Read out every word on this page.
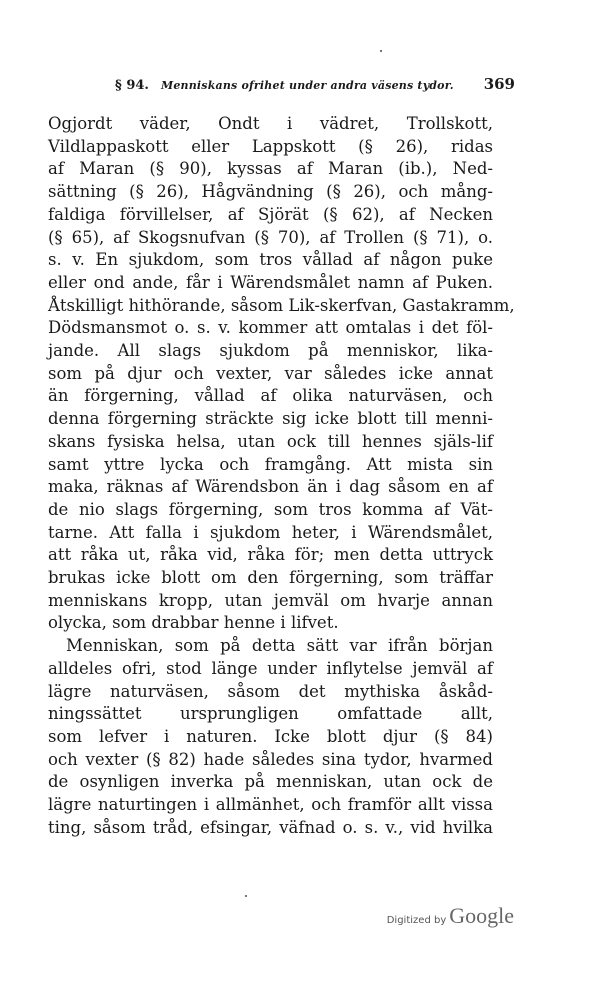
§ 94. Menniskans ofrihet under andra väsens tydor. 369
Ogjordt väder, Ondt i vädret, Trollskott,
Vildlappaskott eller Lappskott (§ 26), ridas
af Maran (§ 90), kyssas af Maran (ib.), Ned-
sättning (§ 26), Hågvändning (§ 26), och mång-
faldiga förvillelser, af Sjörät (§ 62), af Necken
(§ 65), af Skogsnufvan (§ 70), af Trollen (§ 71), o.
s. v. En sjukdom, som tros vållad af någon puke
eller ond ande, får i Wärendsmålet namn af Puken.
Åtskilligt hithörande, såsom Lik-skerfvan, Gastakramm,
Dödsmansmot o. s. v. kommer att omtalas i det föl-
jande. All slags sjukdom på menniskor, lika-
som på djur och vexter, var således icke annat
än förgerning, vållad af olika naturväsen, och
denna förgerning sträckte sig icke blott till menni-
skans fysiska helsa, utan ock till hennes själs-lif
samt yttre lycka och framgång. Att mista sin
maka, räknas af Wärendsbon än i dag såsom en af
de nio slags förgerning, som tros komma af Vät-
tarne. Att falla i sjukdom heter, i Wärendsmålet,
att råka ut, råka vid, råka för; men detta uttryck
brukas icke blott om den förgerning, som träffar
menniskans kropp, utan jemväl om hvarje annan
olycka, som drabbar henne i lifvet.
Menniskan, som på detta sätt var ifrån början
alldeles ofri, stod länge under inflytelse jemväl af
lägre naturväsen, såsom det mythiska åskåd-
ningssättet ursprungligen omfattade allt,
som lefver i naturen. Icke blott djur (§ 84)
och vexter (§ 82) hade således sina tydor, hvarmed
de osynligen inverka på menniskan, utan ock de
lägre naturtingen i allmänhet, och framför allt vissa
ting, såsom tråd, efsingar, väfnad o. s. v., vid hvilka
Digitized by Google
